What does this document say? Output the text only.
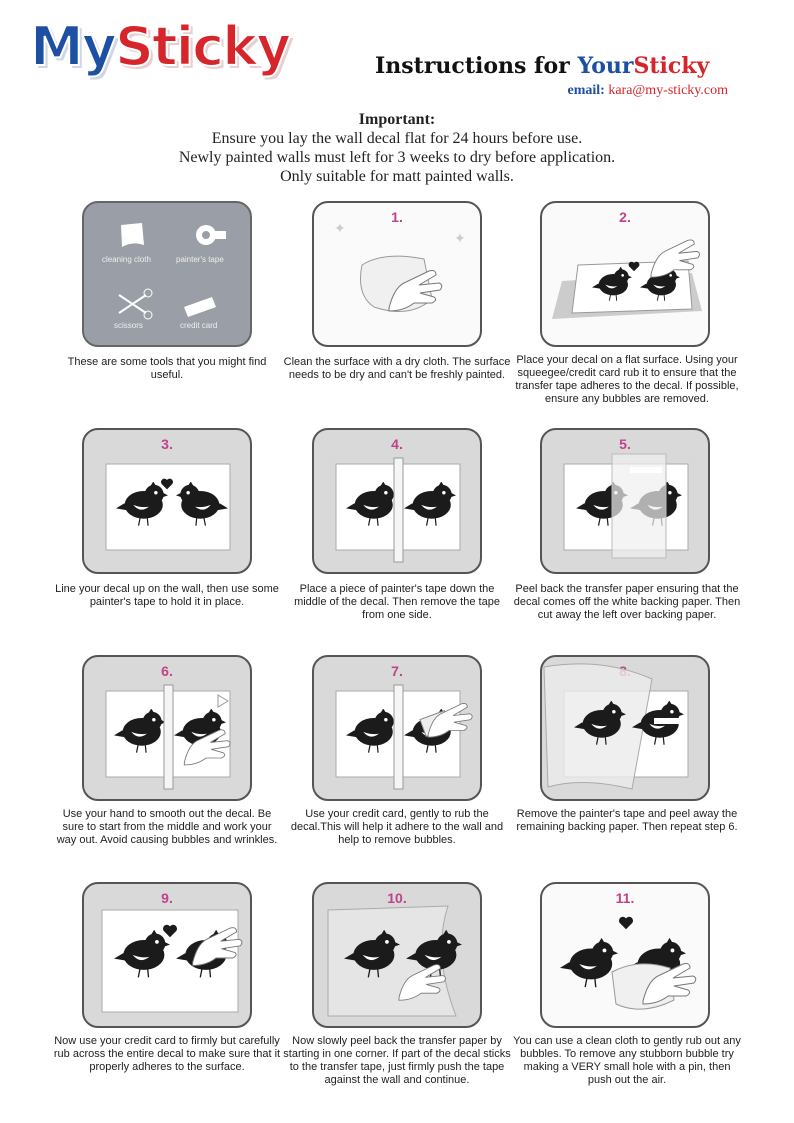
MySticky	Instructions for YourSticky
email: kara@my-sticky.com
Important:
Ensure you lay the wall decal flat for 24 hours before use.
Newly painted walls must left for 3 weeks to dry before application.
Only suitable for matt painted walls.
cleaning cloth	painter's tape
scissors	credit card
These are some tools that you might find useful.
1.
✦
✦
Clean the surface with a dry cloth. The surface needs to be dry and can't be freshly painted.
2.
Place your decal on a flat surface. Using your squeegee/credit card rub it to ensure that the transfer tape adheres to the decal. If possible, ensure any bubbles are removed.
3.
Line your decal up on the wall, then use some painter's tape to hold it in place.
4.
Place a piece of painter's tape down the middle of the decal. Then remove the tape from one side.
5.
Peel back the transfer paper ensuring that the decal comes off the white backing paper. Then cut away the left over backing paper.
6.
Use your hand to smooth out the decal. Be sure to start from the middle and work your way out. Avoid causing bubbles and wrinkles.
7.
Use your credit card, gently to rub the decal.This will help it adhere to the wall and help to remove bubbles.
Remove the painter's tape and peel away the remaining backing paper. Then repeat step 6.
9.
Now use your credit card to firmly but carefully rub across the entire decal to make sure that it properly adheres to the surface.
10.
Now slowly peel back the transfer paper by starting in one corner. If part of the decal sticks to the transfer tape, just firmly push the tape against the wall and continue.
11.
You can use a clean cloth to gently rub out any bubbles. To remove any stubborn bubble try making a VERY small hole with a pin, then push out the air.
